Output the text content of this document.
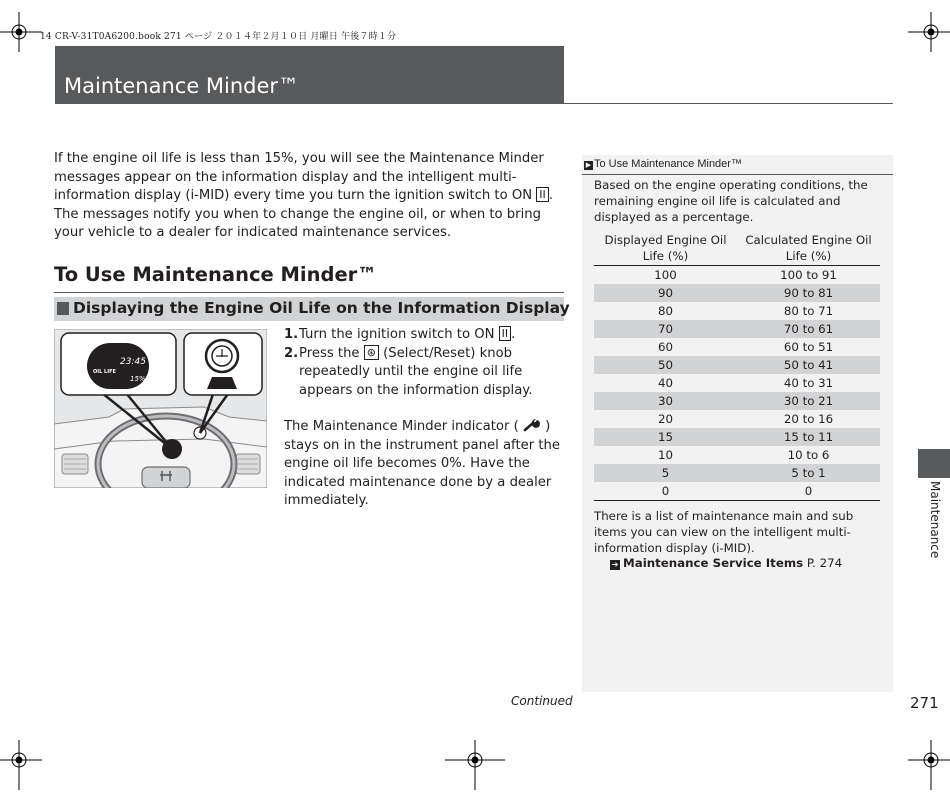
14 CR-V-31T0A6200.book 271 ページ ２０１４年２月１０日 月曜日 午後７時１分
Maintenance Minder™
If the engine oil life is less than 15%, you will see the Maintenance Minder messages appear on the information display and the intelligent multi-information display (i-MID) every time you turn the ignition switch to ON II . The messages notify you when to change the engine oil, or when to bring your vehicle to a dealer for indicated maintenance services.
To Use Maintenance Minder™
Displaying the Engine Oil Life on the Information Display
23:45
OIL LIFE
15%
1. Turn the ignition switch to ON II .
2. Press the ⊛ (Select/Reset) knob repeatedly until the engine oil life appears on the information display.
The Maintenance Minder indicator ( ) stays on in the instrument panel after the engine oil life becomes 0%. Have the indicated maintenance done by a dealer immediately.
▶ To Use Maintenance Minder™
Based on the engine operating conditions, the remaining engine oil life is calculated and displayed as a percentage.
Displayed Engine Oil Life (%)	Calculated Engine Oil Life (%)
100	100 to 91
90	90 to 81
80	80 to 71
70	70 to 61
60	60 to 51
50	50 to 41
40	40 to 31
30	30 to 21
20	20 to 16
15	15 to 11
10	10 to 6
5	5 to 1
0	0
There is a list of maintenance main and sub items you can view on the intelligent multi-information display (i-MID).
➔ Maintenance Service Items P. 274
Continued	271
Maintenance
